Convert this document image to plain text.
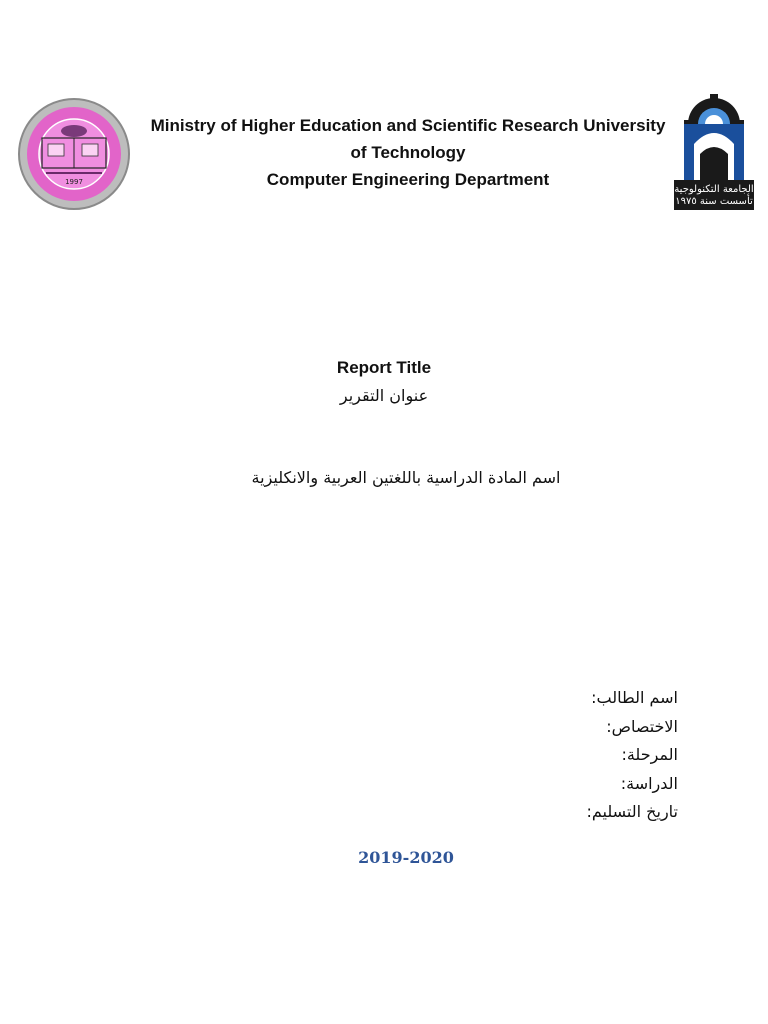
1997
الجامعة التكنولوجية
تأسست سنة ١٩٧٥
Ministry of Higher Education and Scientific Research University
of Technology
Computer Engineering Department
Report Title
عنوان التقرير
اسم المادة الدراسية باللغتين العربية والانكليزية
اسم الطالب:
الاختصاص:
المرحلة:
الدراسة:
تاريخ التسليم:
2019-2020
